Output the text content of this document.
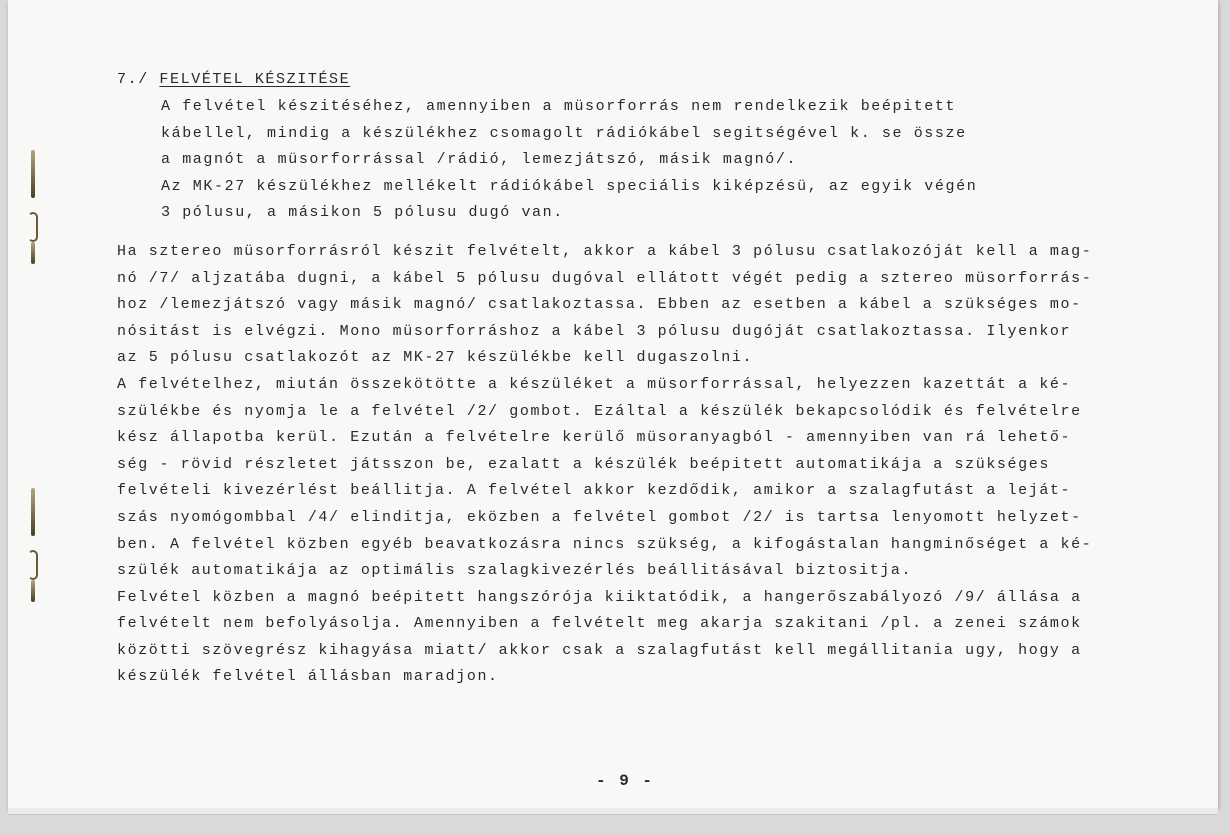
7./ FELVÉTEL KÉSZITÉSE
A felvétel készitéséhez, amennyiben a müsorforrás nem rendelkezik beépitett
kábellel, mindig a készülékhez csomagolt rádiókábel segitségével k. se össze
a magnót a müsorforrással /rádió, lemezjátszó, másik magnó/.
Az MK-27 készülékhez mellékelt rádiókábel speciális kiképzésü, az egyik végén
3 pólusu, a másikon 5 pólusu dugó van.
Ha sztereo müsorforrásról készit felvételt, akkor a kábel 3 pólusu csatlakozóját kell a mag-
nó /7/ aljzatába dugni, a kábel 5 pólusu dugóval ellátott végét pedig a sztereo müsorforrás-
hoz /lemezjátszó vagy másik magnó/ csatlakoztassa. Ebben az esetben a kábel a szükséges mo-
nósitást is elvégzi. Mono müsorforráshoz a kábel 3 pólusu dugóját csatlakoztassa. Ilyenkor
az 5 pólusu csatlakozót az MK-27 készülékbe kell dugaszolni.
A felvételhez, miután összekötötte a készüléket a müsorforrással, helyezzen kazettát a ké-
szülékbe és nyomja le a felvétel /2/ gombot. Ezáltal a készülék bekapcsolódik és felvételre
kész állapotba kerül. Ezután a felvételre kerülő müsoranyagból - amennyiben van rá lehető-
ség - rövid részletet játsszon be, ezalatt a készülék beépitett automatikája a szükséges
felvételi kivezérlést beállitja. A felvétel akkor kezdődik, amikor a szalagfutást a leját-
szás nyomógombbal /4/ elinditja, eközben a felvétel gombot /2/ is tartsa lenyomott helyzet-
ben. A felvétel közben egyéb beavatkozásra nincs szükség, a kifogástalan hangminőséget a ké-
szülék automatikája az optimális szalagkivezérlés beállitásával biztositja.
Felvétel közben a magnó beépitett hangszórója kiiktatódik, a hangerőszabályozó /9/ állása a
felvételt nem befolyásolja. Amennyiben a felvételt meg akarja szakitani /pl. a zenei számok
közötti szövegrész kihagyása miatt/ akkor csak a szalagfutást kell megállitania ugy, hogy a
készülék felvétel állásban maradjon.
- 9 -
